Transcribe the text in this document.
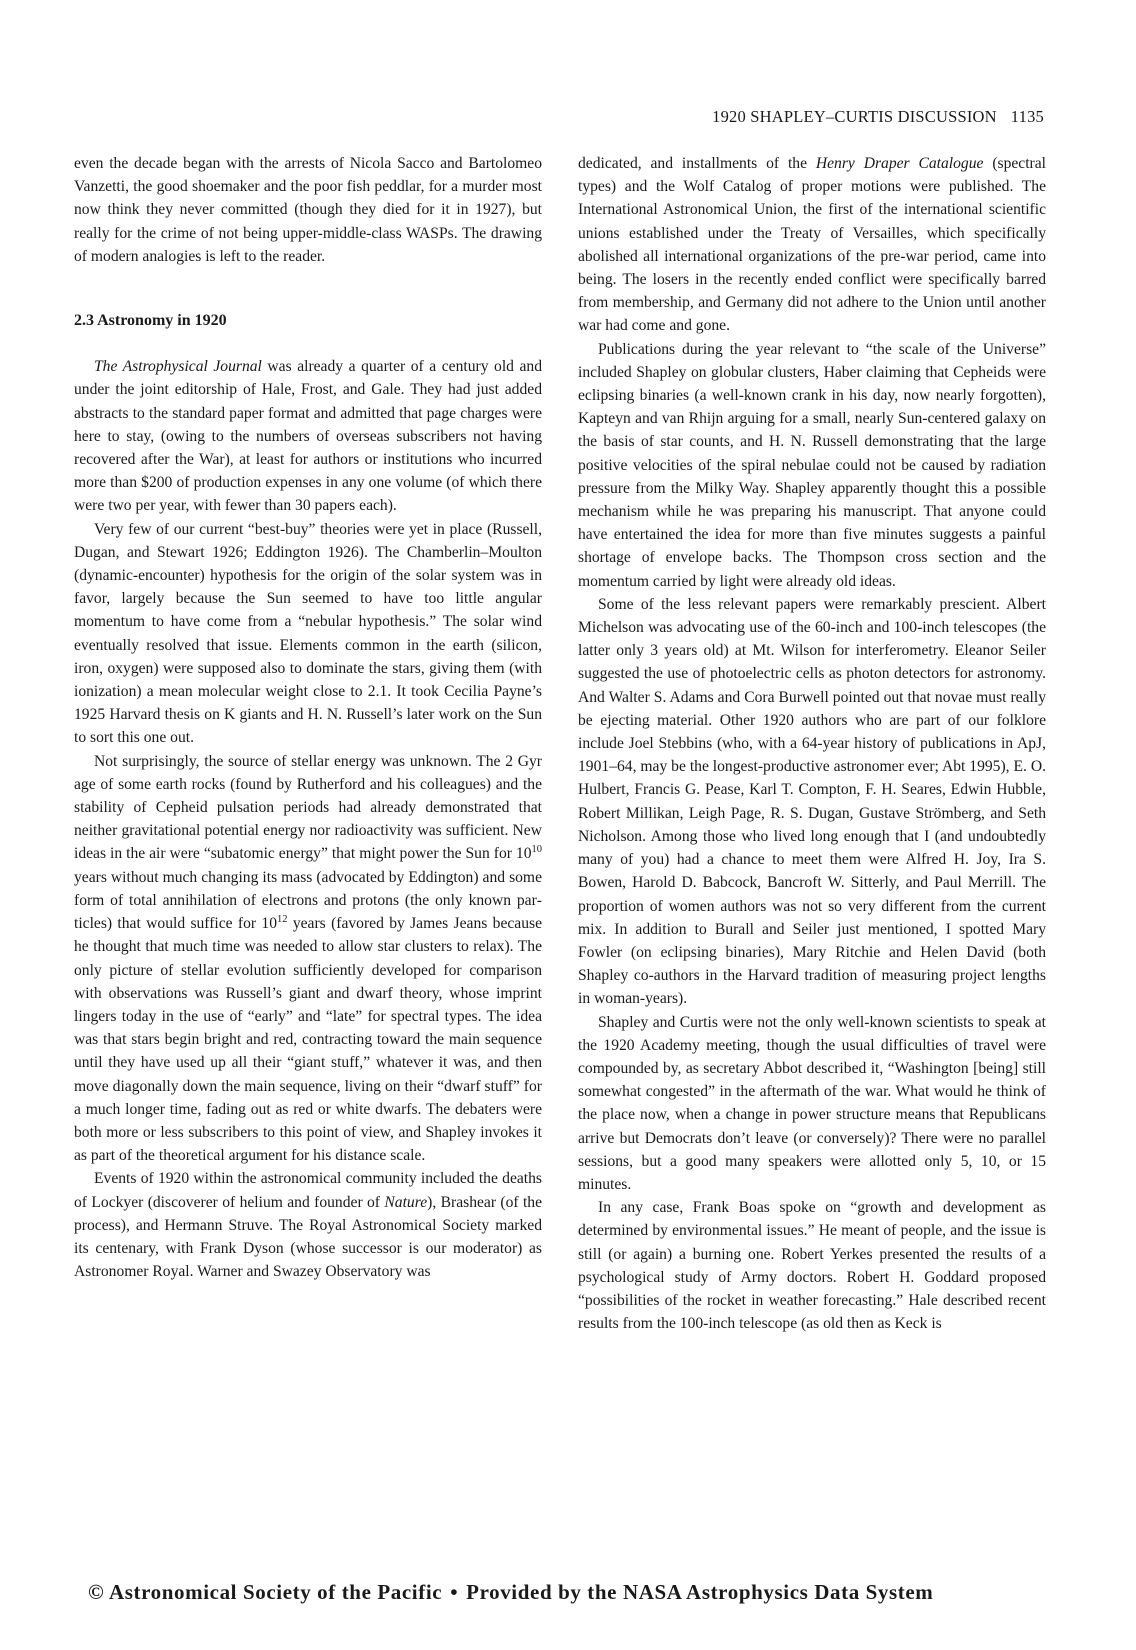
1920 SHAPLEY–CURTIS DISCUSSION 1135

even the decade began with the arrests of Nicola Sacco and Bartolomeo Vanzetti, the good shoemaker and the poor fish peddlar, for a murder most now think they never committed (though they died for it in 1927), but really for the crime of not being upper-middle-class WASPs. The drawing of modern analogies is left to the reader.

2.3 Astronomy in 1920

The Astrophysical Journal was already a quarter of a century old and under the joint editorship of Hale, Frost, and Gale. They had just added abstracts to the standard paper format and admitted that page charges were here to stay, (owing to the numbers of overseas subscribers not having recovered after the War), at least for authors or institutions who incurred more than $200 of production expenses in any one volume (of which there were two per year, with fewer than 30 papers each).

Very few of our current “best-buy” theories were yet in place (Russell, Dugan, and Stewart 1926; Eddington 1926). The Chamberlin–Moulton (dynamic-encounter) hypothesis for the origin of the solar system was in favor, largely because the Sun seemed to have too little angular momentum to have come from a “nebular hypothesis.” The solar wind eventually resolved that issue. Elements common in the earth (silicon, iron, oxygen) were supposed also to dominate the stars, giving them (with ionization) a mean molecular weight close to 2.1. It took Cecilia Payne’s 1925 Harvard thesis on K giants and H. N. Russell’s later work on the Sun to sort this one out.

Not surprisingly, the source of stellar energy was unknown. The 2 Gyr age of some earth rocks (found by Rutherford and his colleagues) and the stability of Cepheid pulsation periods had already demonstrated that neither gravitational potential energy nor radioactivity was sufficient. New ideas in the air were “subatomic energy” that might power the Sun for $10^{10}$ years without much changing its mass (advocated by Eddington) and some form of total annihilation of electrons and protons (the only known particles) that would suffice for $10^{12}$ years (favored by James Jeans because he thought that much time was needed to allow star clusters to relax). The only picture of stellar evolution sufficiently developed for comparison with observations was Russell’s giant and dwarf theory, whose imprint lingers today in the use of “early” and “late” for spectral types. The idea was that stars begin bright and red, contracting toward the main sequence until they have used up all their “giant stuff,” whatever it was, and then move diagonally down the main sequence, living on their “dwarf stuff” for a much longer time, fading out as red or white dwarfs. The debaters were both more or less subscribers to this point of view, and Shapley invokes it as part of the theoretical argument for his distance scale.

Events of 1920 within the astronomical community included the deaths of Lockyer (discoverer of helium and founder of Nature), Brashear (of the process), and Hermann Struve. The Royal Astronomical Society marked its centenary, with Frank Dyson (whose successor is our moderator) as Astronomer Royal. Warner and Swazey Observatory was

dedicated, and installments of the Henry Draper Catalogue (spectral types) and the Wolf Catalog of proper motions were published. The International Astronomical Union, the first of the international scientific unions established under the Treaty of Versailles, which specifically abolished all international organizations of the pre-war period, came into being. The losers in the recently ended conflict were specifically barred from membership, and Germany did not adhere to the Union until another war had come and gone.

Publications during the year relevant to “the scale of the Universe” included Shapley on globular clusters, Haber claiming that Cepheids were eclipsing binaries (a well-known crank in his day, now nearly forgotten), Kapteyn and van Rhijn arguing for a small, nearly Sun-centered galaxy on the basis of star counts, and H. N. Russell demonstrating that the large positive velocities of the spiral nebulae could not be caused by radiation pressure from the Milky Way. Shapley apparently thought this a possible mechanism while he was preparing his manuscript. That anyone could have entertained the idea for more than five minutes suggests a painful shortage of envelope backs. The Thompson cross section and the momentum carried by light were already old ideas.

Some of the less relevant papers were remarkably prescient. Albert Michelson was advocating use of the 60-inch and 100-inch telescopes (the latter only 3 years old) at Mt. Wilson for interferometry. Eleanor Seiler suggested the use of photoelectric cells as photon detectors for astronomy. And Walter S. Adams and Cora Burwell pointed out that novae must really be ejecting material. Other 1920 authors who are part of our folklore include Joel Stebbins (who, with a 64-year history of publications in ApJ, 1901–64, may be the longest-productive astronomer ever; Abt 1995), E. O. Hulbert, Francis G. Pease, Karl T. Compton, F. H. Seares, Edwin Hubble, Robert Millikan, Leigh Page, R. S. Dugan, Gustave Strömberg, and Seth Nicholson. Among those who lived long enough that I (and undoubtedly many of you) had a chance to meet them were Alfred H. Joy, Ira S. Bowen, Harold D. Babcock, Bancroft W. Sitterly, and Paul Merrill. The proportion of women authors was not so very different from the current mix. In addition to Burall and Seiler just mentioned, I spotted Mary Fowler (on eclipsing binaries), Mary Ritchie and Helen David (both Shapley co-authors in the Harvard tradition of measuring project lengths in woman-years).

Shapley and Curtis were not the only well-known scientists to speak at the 1920 Academy meeting, though the usual difficulties of travel were compounded by, as secretary Abbot described it, “Washington [being] still somewhat congested” in the aftermath of the war. What would he think of the place now, when a change in power structure means that Republicans arrive but Democrats don’t leave (or conversely)? There were no parallel sessions, but a good many speakers were allotted only 5, 10, or 15 minutes.

In any case, Frank Boas spoke on “growth and development as determined by environmental issues.” He meant of people, and the issue is still (or again) a burning one. Robert Yerkes presented the results of a psychological study of Army doctors. Robert H. Goddard proposed “possibilities of the rocket in weather forecasting.” Hale described recent results from the 100-inch telescope (as old then as Keck is

© Astronomical Society of the Pacific • Provided by the NASA Astrophysics Data System
